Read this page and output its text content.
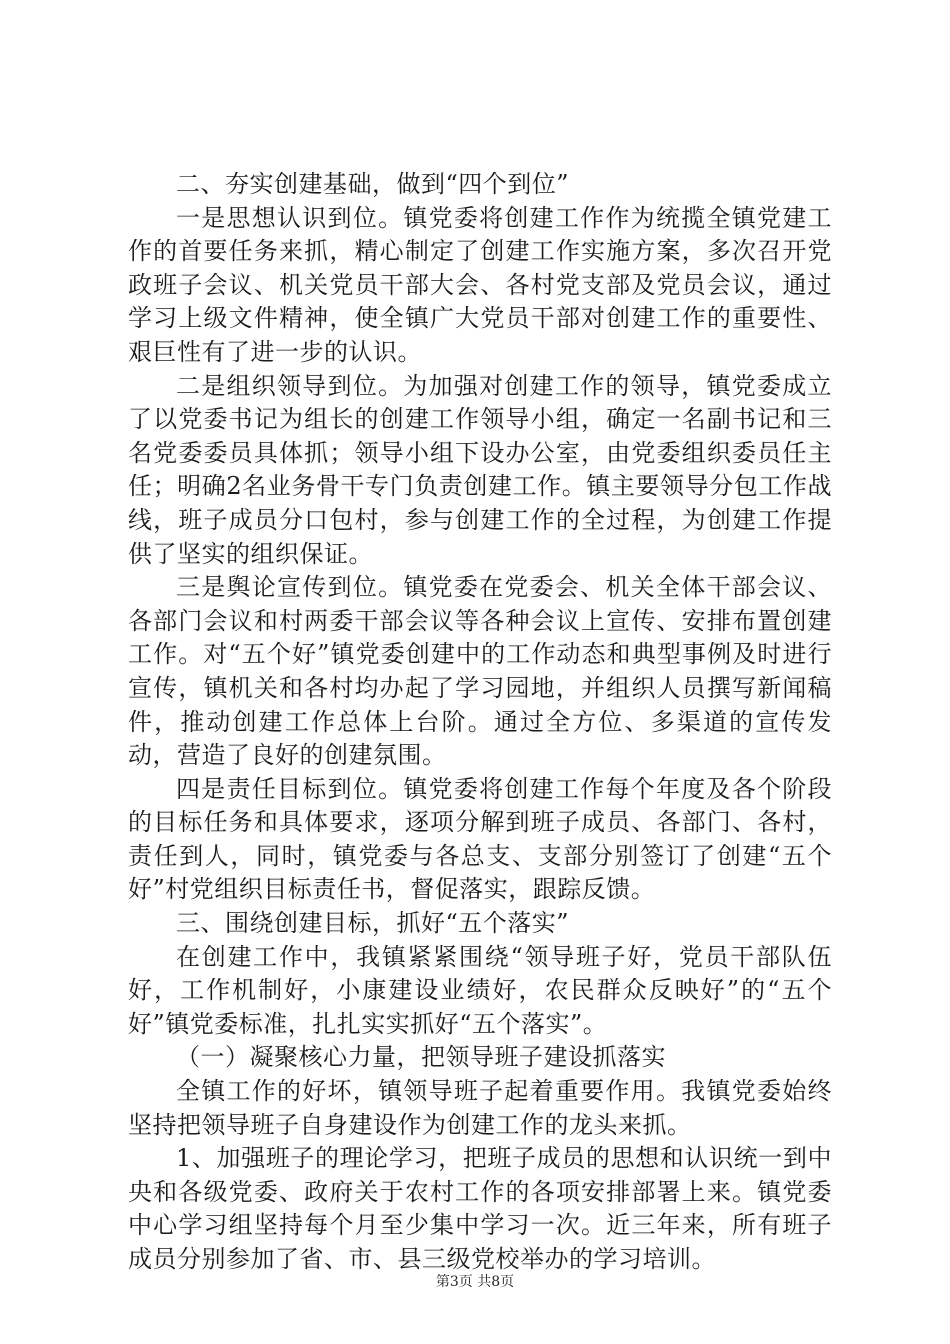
二、夯实创建基础，做到“四个到位”

一是思想认识到位。镇党委将创建工作作为统揽全镇党建工作的首要任务来抓，精心制定了创建工作实施方案，多次召开党政班子会议、机关党员干部大会、各村党支部及党员会议，通过学习上级文件精神，使全镇广大党员干部对创建工作的重要性、艰巨性有了进一步的认识。

二是组织领导到位。为加强对创建工作的领导，镇党委成立了以党委书记为组长的创建工作领导小组，确定一名副书记和三名党委委员具体抓；领导小组下设办公室，由党委组织委员任主任；明确2名业务骨干专门负责创建工作。镇主要领导分包工作战线，班子成员分口包村，参与创建工作的全过程，为创建工作提供了坚实的组织保证。

三是舆论宣传到位。镇党委在党委会、机关全体干部会议、各部门会议和村两委干部会议等各种会议上宣传、安排布置创建工作。对“五个好”镇党委创建中的工作动态和典型事例及时进行宣传，镇机关和各村均办起了学习园地，并组织人员撰写新闻稿件，推动创建工作总体上台阶。通过全方位、多渠道的宣传发动，营造了良好的创建氛围。

四是责任目标到位。镇党委将创建工作每个年度及各个阶段的目标任务和具体要求，逐项分解到班子成员、各部门、各村，责任到人，同时，镇党委与各总支、支部分别签订了创建“五个好”村党组织目标责任书，督促落实，跟踪反馈。

三、围绕创建目标，抓好“五个落实”

在创建工作中，我镇紧紧围绕“领导班子好，党员干部队伍好，工作机制好，小康建设业绩好，农民群众反映好”的“五个好”镇党委标准，扎扎实实抓好“五个落实”。

（一）凝聚核心力量，把领导班子建设抓落实

全镇工作的好坏，镇领导班子起着重要作用。我镇党委始终坚持把领导班子自身建设作为创建工作的龙头来抓。

1、加强班子的理论学习，把班子成员的思想和认识统一到中央和各级党委、政府关于农村工作的各项安排部署上来。镇党委中心学习组坚持每个月至少集中学习一次。近三年来，所有班子成员分别参加了省、市、县三级党校举办的学习培训。

第3页 共8页
